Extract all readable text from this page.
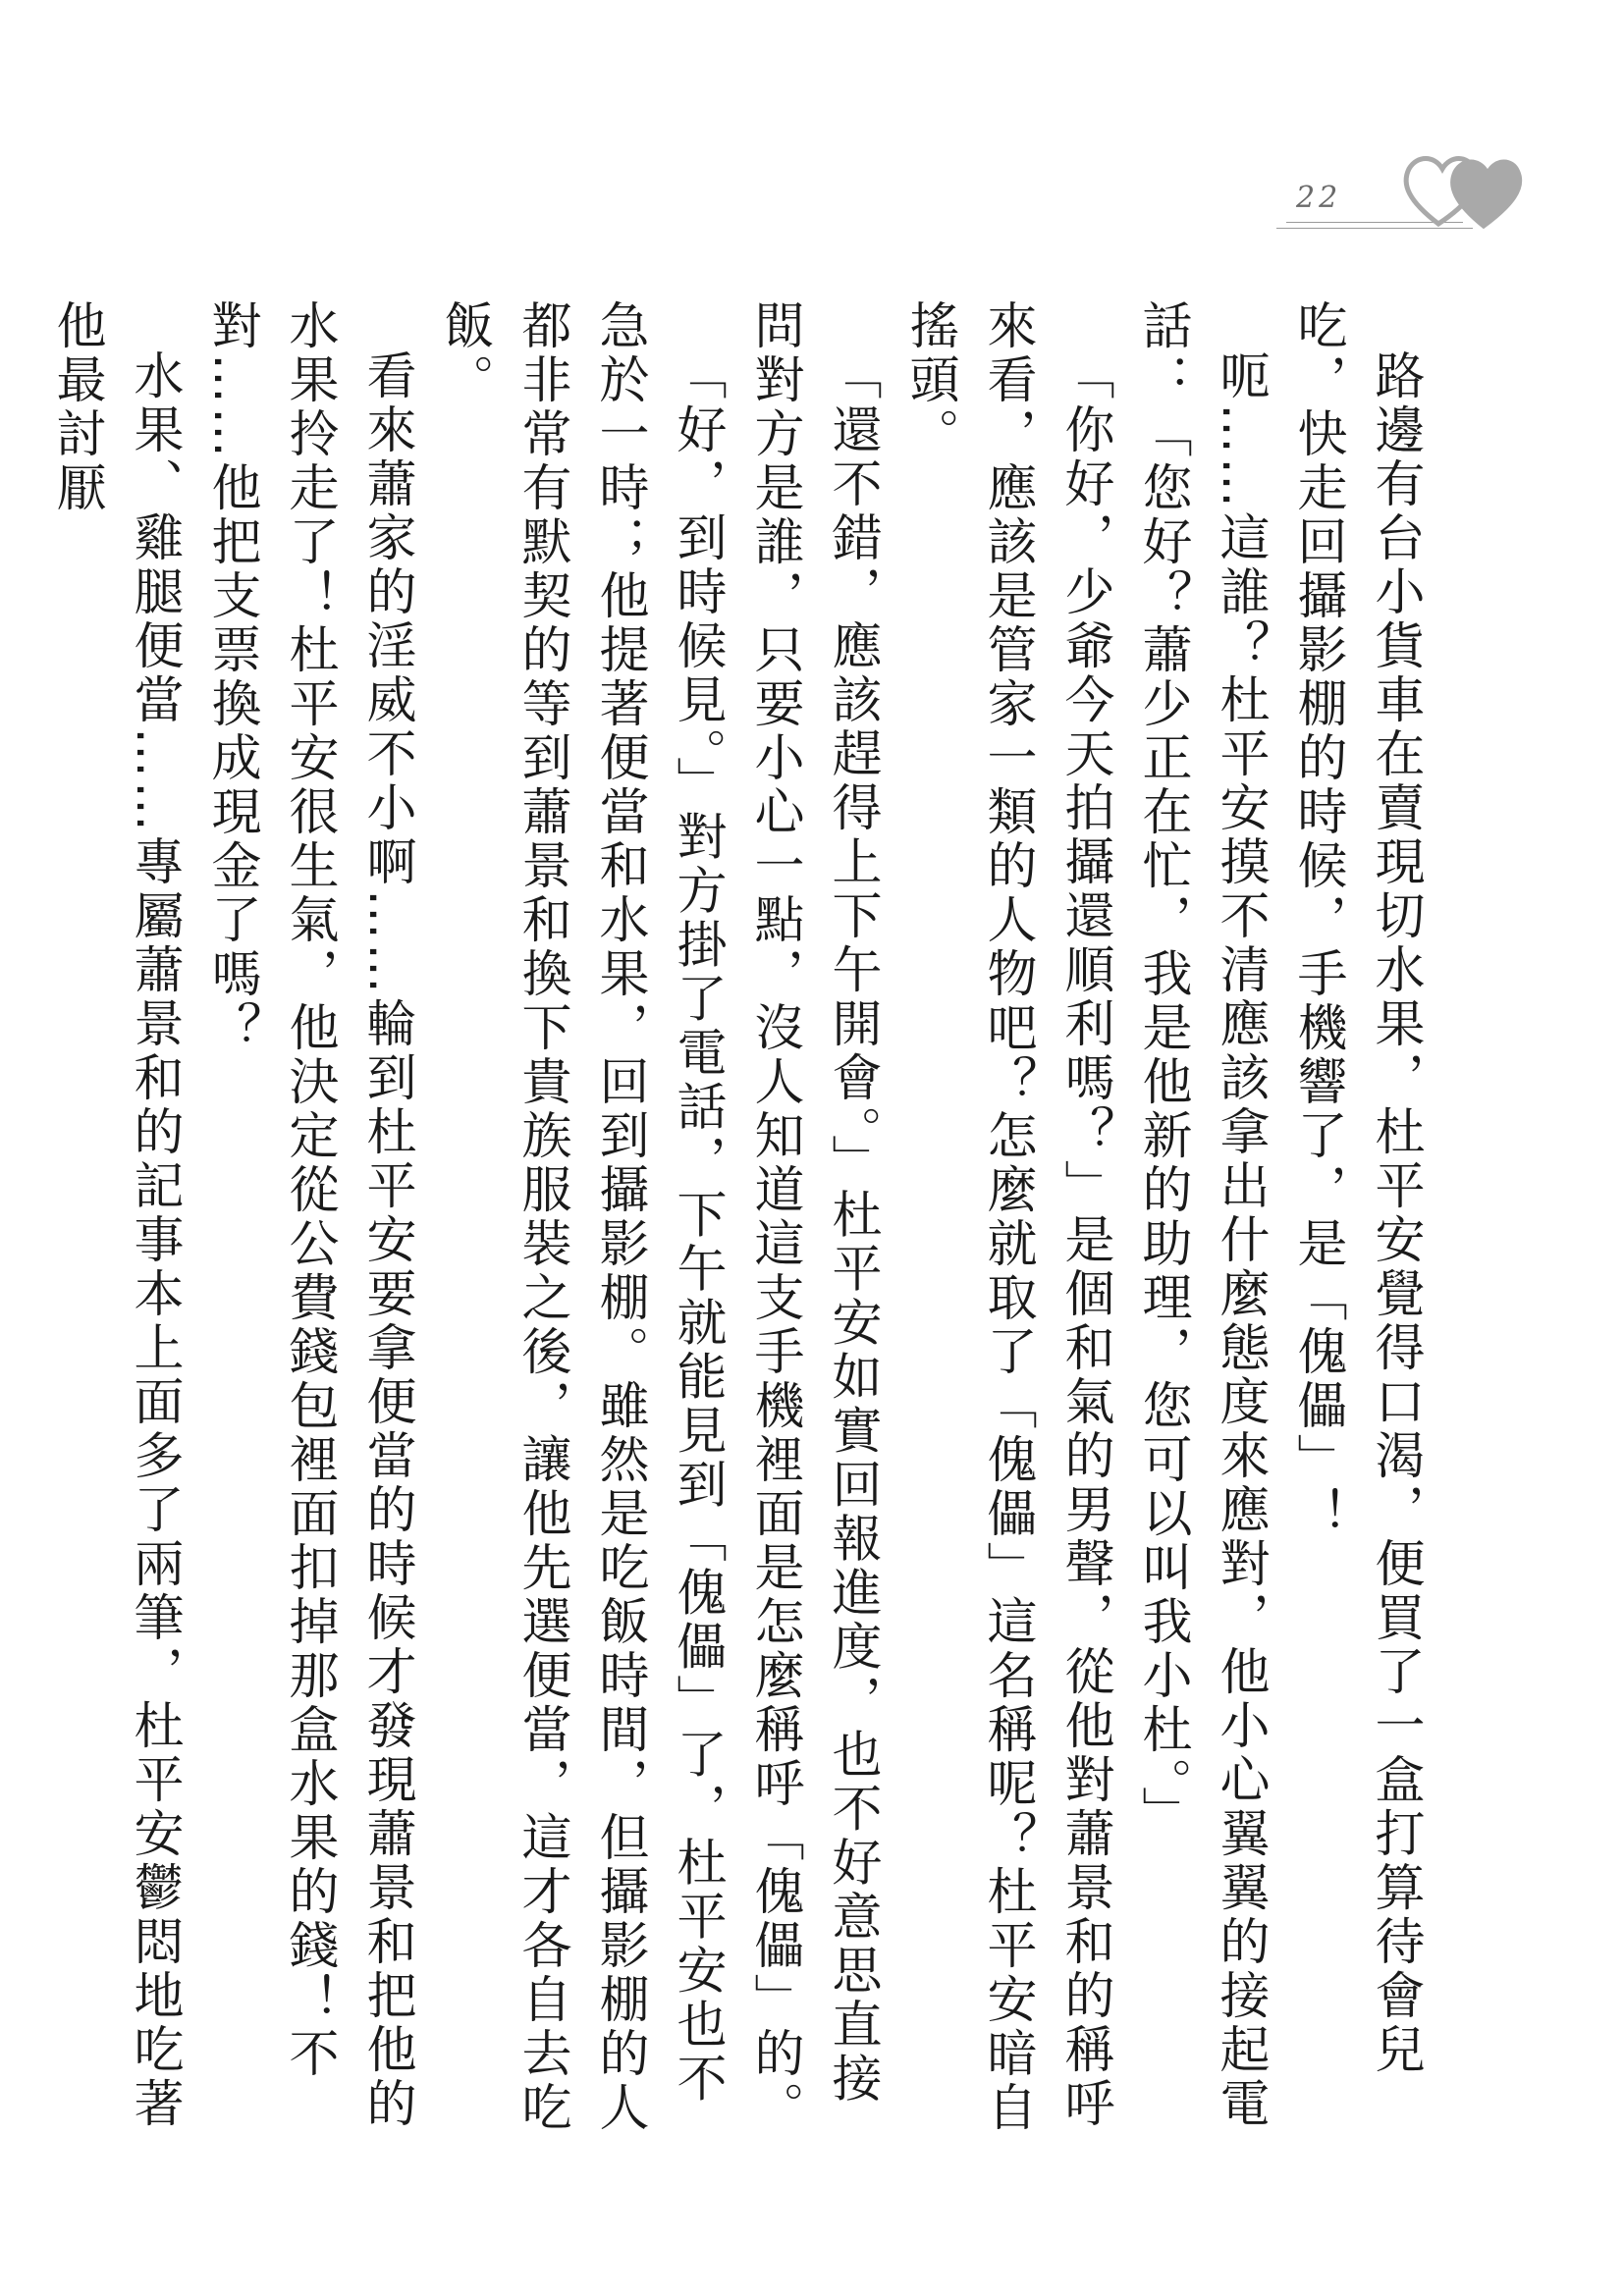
22

路邊有台小貨車在賣現切水果，杜平安覺得口渴，便買了一盒打算待會兒吃，快走回攝影棚的時候，手機響了，是「傀儡」！

呃……這誰？杜平安摸不清應該拿出什麼態度來應對，他小心翼翼的接起電話：「您好？蕭少正在忙，我是他新的助理，您可以叫我小杜。」

「你好，少爺今天拍攝還順利嗎？」是個和氣的男聲，從他對蕭景和的稱呼來看，應該是管家一類的人物吧？怎麼就取了「傀儡」這名稱呢？杜平安暗自搖頭。

「還不錯，應該趕得上下午開會。」杜平安如實回報進度，也不好意思直接問對方是誰，只要小心一點，沒人知道這支手機裡面是怎麼稱呼「傀儡」的。

「好，到時候見。」對方掛了電話，下午就能見到「傀儡」了，杜平安也不急於一時；他提著便當和水果，回到攝影棚。雖然是吃飯時間，但攝影棚的人都非常有默契的等到蕭景和換下貴族服裝之後，讓他先選便當，這才各自去吃飯。

看來蕭家的淫威不小啊……輪到杜平安要拿便當的時候才發現蕭景和把他的水果拎走了！杜平安很生氣，他決定從公費錢包裡面扣掉那盒水果的錢！不對……他把支票換成現金了嗎？

水果、雞腿便當……專屬蕭景和的記事本上面多了兩筆，杜平安鬱悶地吃著他最討厭
